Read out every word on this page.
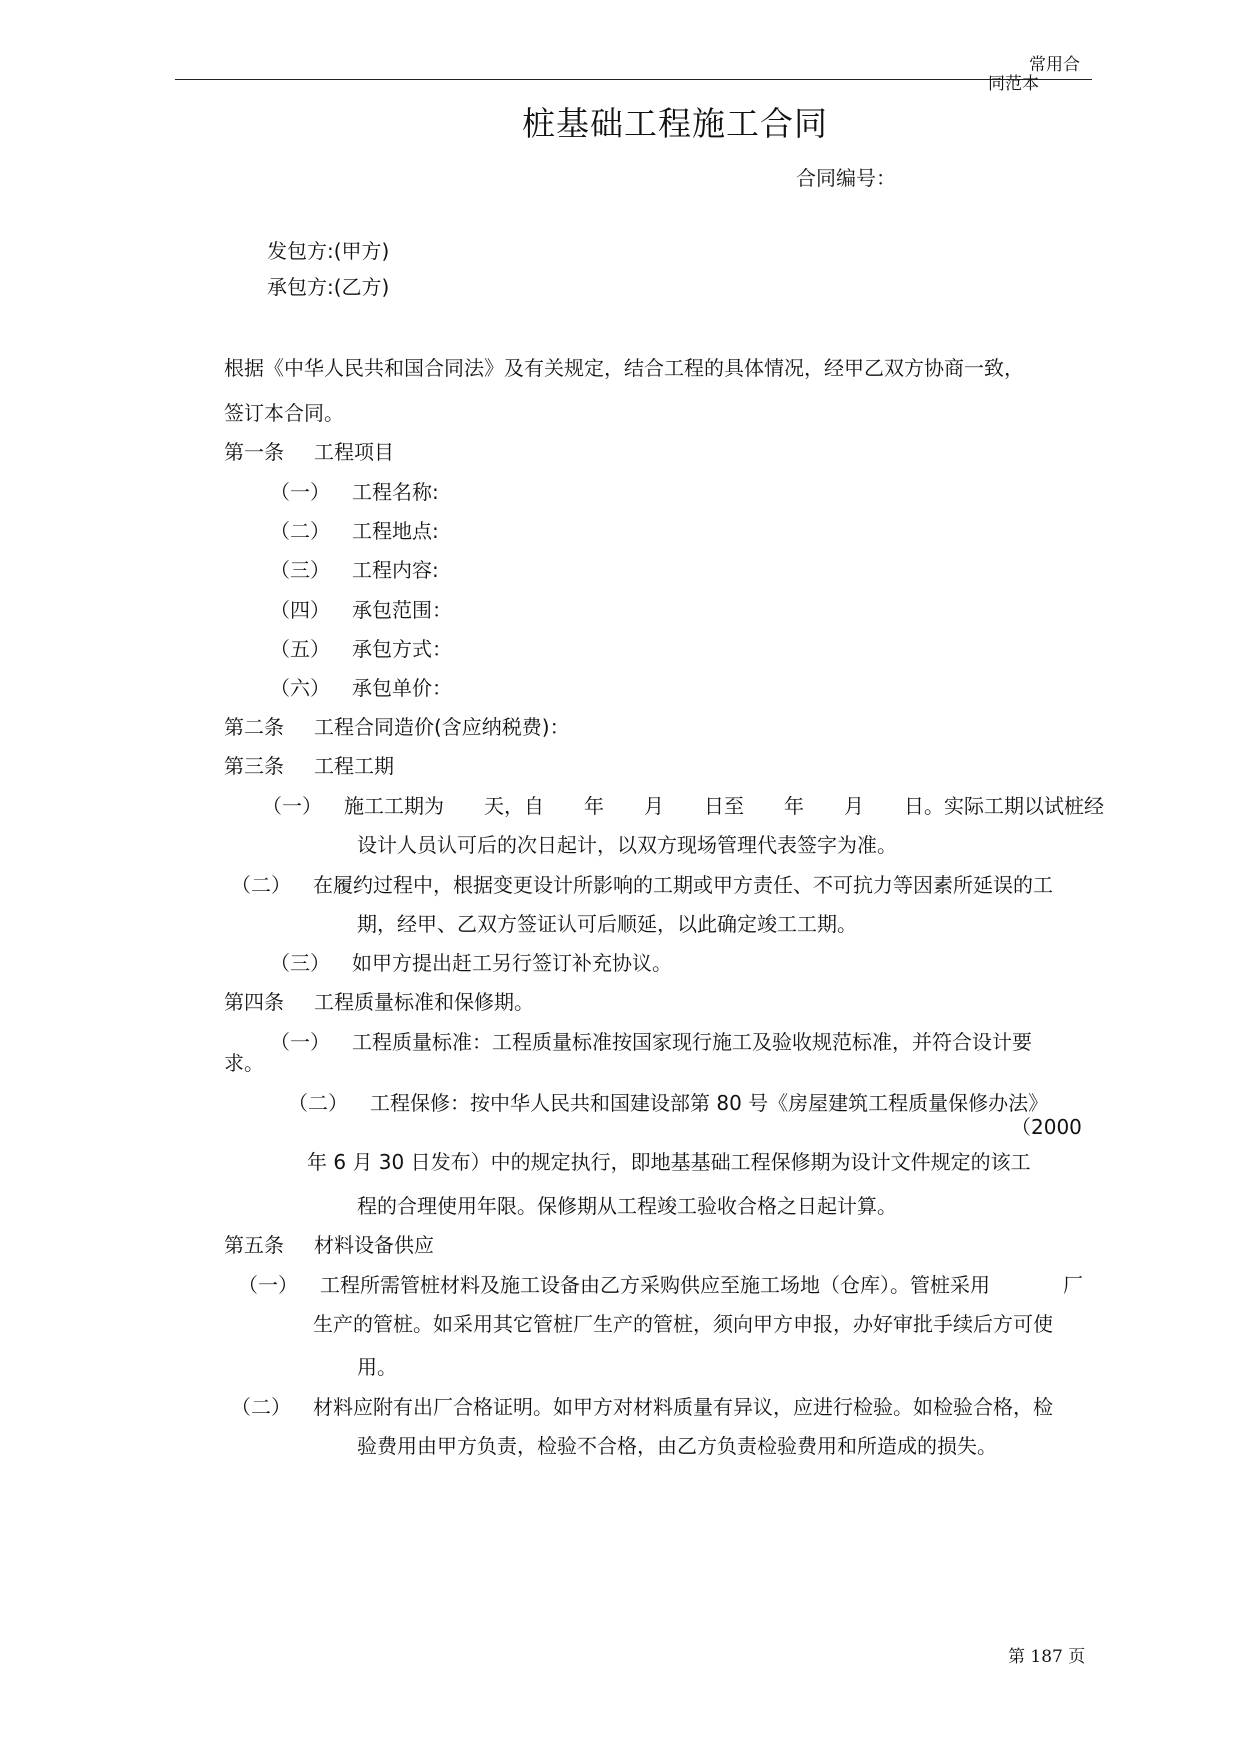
常用合
同范本
桩基础工程施工合同
合同编号：
发包方:(甲方)
承包方:(乙方)
根据《中华人民共和国合同法》及有关规定，结合工程的具体情况，经甲乙双方协商一致，
签订本合同。
第一条 工程项目
（一） 工程名称:
（二） 工程地点:
（三） 工程内容:
（四） 承包范围：
（五） 承包方式：
（六） 承包单价：
第二条 工程合同造价(含应纳税费)：
第三条 工程工期
（一） 施工工期为　　天，自　　年　　月　　日至　　年　　月　　日。实际工期以试桩经
设计人员认可后的次日起计，以双方现场管理代表签字为准。
（二） 在履约过程中，根据变更设计所影响的工期或甲方责任、不可抗力等因素所延误的工
期，经甲、乙双方签证认可后顺延，以此确定竣工工期。
（三） 如甲方提出赶工另行签订补充协议。
第四条 工程质量标准和保修期。
（一） 工程质量标准：工程质量标准按国家现行施工及验收规范标准，并符合设计要
求。
（二） 工程保修：按中华人民共和国建设部第 80 号《房屋建筑工程质量保修办法》
（2000
年 6 月 30 日发布）中的规定执行，即地基基础工程保修期为设计文件规定的该工
程的合理使用年限。保修期从工程竣工验收合格之日起计算。
第五条 材料设备供应
（一） 工程所需管桩材料及施工设备由乙方采购供应至施工场地（仓库）。管桩采用	厂
生产的管桩。如采用其它管桩厂生产的管桩，须向甲方申报，办好审批手续后方可使
用。
（二） 材料应附有出厂合格证明。如甲方对材料质量有异议，应进行检验。如检验合格，检
验费用由甲方负责，检验不合格，由乙方负责检验费用和所造成的损失。
第 187 页
